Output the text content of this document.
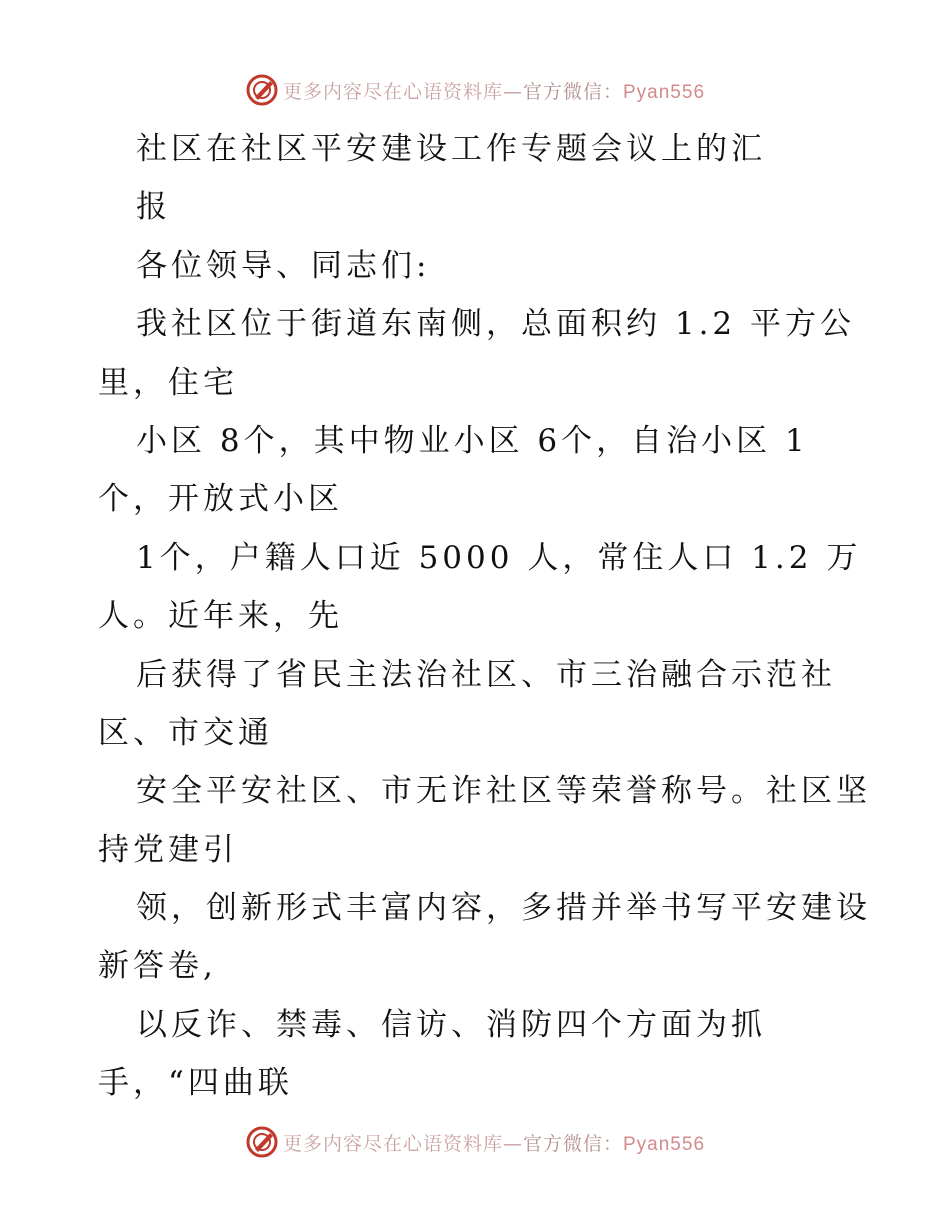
更多内容尽在心语资料库—官方微信：Pyan556
社区在社区平安建设工作专题会议上的汇
报
各位领导、同志们:
我社区位于街道东南侧，总面积约 1.2 平方公
里，住宅
小区 8个，其中物业小区 6个，自治小区 1
个，开放式小区
1个，户籍人口近 5000 人，常住人口 1.2 万
人。近年来，先
后获得了省民主法治社区、市三治融合示范社
区、市交通
安全平安社区、市无诈社区等荣誉称号。社区坚
持党建引
领，创新形式丰富内容，多措并举书写平安建设
新答卷,
以反诈、禁毒、信访、消防四个方面为抓
手，“四曲联
更多内容尽在心语资料库—官方微信：Pyan556
